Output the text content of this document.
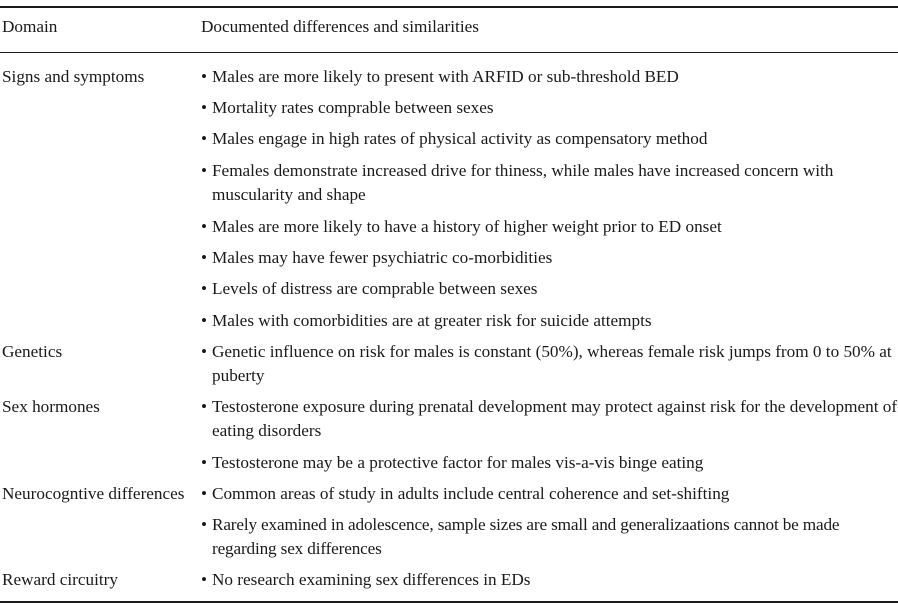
Domain	Documented differences and similarities
Signs and symptoms	• Males are more likely to present with ARFID or sub-threshold BED
• Mortality rates comprable between sexes
• Males engage in high rates of physical activity as compensatory method
• Females demonstrate increased drive for thiness, while males have increased concern with muscularity and shape
• Males are more likely to have a history of higher weight prior to ED onset
• Males may have fewer psychiatric co-morbidities
• Levels of distress are comprable between sexes
• Males with comorbidities are at greater risk for suicide attempts
Genetics	• Genetic influence on risk for males is constant (50%), whereas female risk jumps from 0 to 50% at puberty
Sex hormones	• Testosterone exposure during prenatal development may protect against risk for the development of eating disorders
• Testosterone may be a protective factor for males vis-a-vis binge eating
Neurocogntive differences • Common areas of study in adults include central coherence and set-shifting
• Rarely examined in adolescence, sample sizes are small and generalizaations cannot be made regarding sex differences
Reward circuitry	• No research examining sex differences in EDs
